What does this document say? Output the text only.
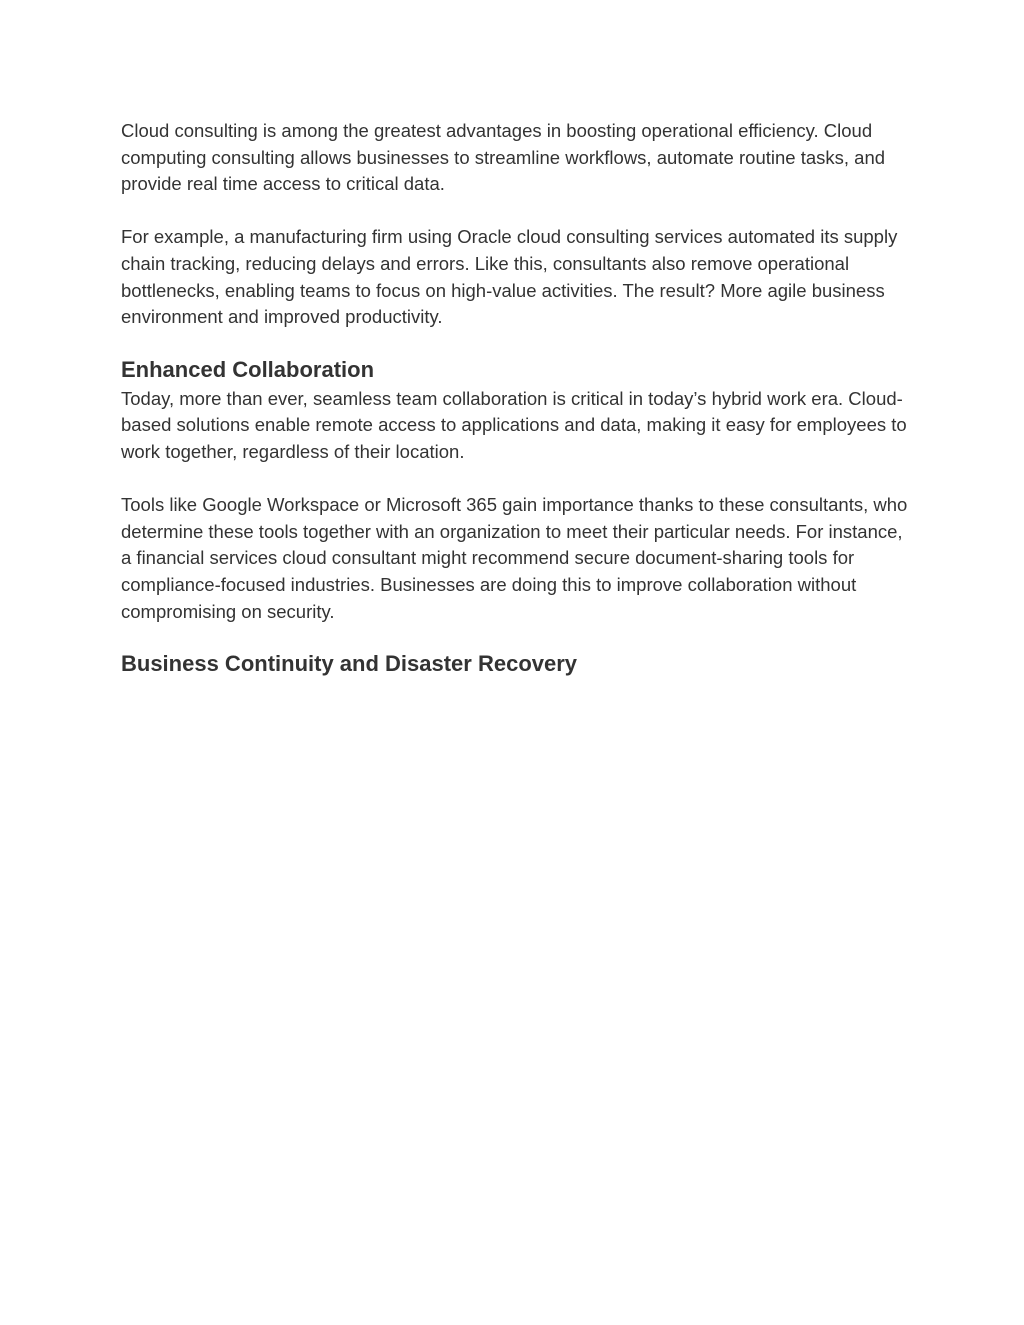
Cloud consulting is among the greatest advantages in boosting operational efficiency. Cloud computing consulting allows businesses to streamline workflows, automate routine tasks, and provide real time access to critical data.

For example, a manufacturing firm using Oracle cloud consulting services automated its supply chain tracking, reducing delays and errors. Like this, consultants also remove operational bottlenecks, enabling teams to focus on high-value activities. The result? More agile business environment and improved productivity.

Enhanced Collaboration

Today, more than ever, seamless team collaboration is critical in today’s hybrid work era. Cloud-based solutions enable remote access to applications and data, making it easy for employees to work together, regardless of their location.

Tools like Google Workspace or Microsoft 365 gain importance thanks to these consultants, who determine these tools together with an organization to meet their particular needs. For instance, a financial services cloud consultant might recommend secure document-sharing tools for compliance-focused industries. Businesses are doing this to improve collaboration without compromising on security.

Business Continuity and Disaster Recovery
